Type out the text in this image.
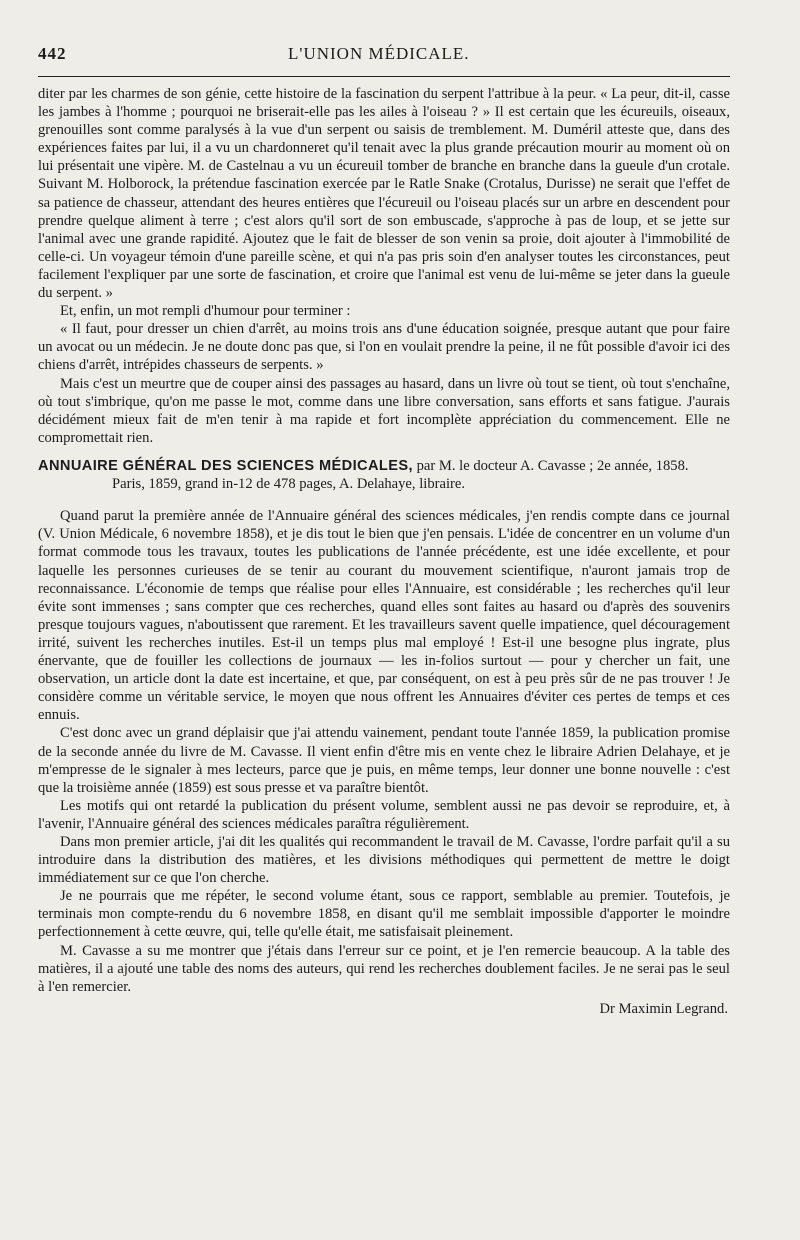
442	L'UNION MÉDICALE.

diter par les charmes de son génie, cette histoire de la fascination du serpent l'attribue à la peur. « La peur, dit-il, casse les jambes à l'homme ; pourquoi ne briserait-elle pas les ailes à l'oiseau ? » Il est certain que les écureuils, oiseaux, grenouilles sont comme paralysés à la vue d'un serpent ou saisis de tremblement. M. Duméril atteste que, dans des expériences faites par lui, il a vu un chardonneret qu'il tenait avec la plus grande précaution mourir au moment où on lui présentait une vipère. M. de Castelnau a vu un écureuil tomber de branche en branche dans la gueule d'un crotale. Suivant M. Holborock, la prétendue fascination exercée par le Ratle Snake (Crotalus, Durisse) ne serait que l'effet de sa patience de chasseur, attendant des heures entières que l'écureuil ou l'oiseau placés sur un arbre en descendent pour prendre quelque aliment à terre ; c'est alors qu'il sort de son embuscade, s'approche à pas de loup, et se jette sur l'animal avec une grande rapidité. Ajoutez que le fait de blesser de son venin sa proie, doit ajouter à l'immobilité de celle-ci. Un voyageur témoin d'une pareille scène, et qui n'a pas pris soin d'en analyser toutes les circonstances, peut facilement l'expliquer par une sorte de fascination, et croire que l'animal est venu de lui-même se jeter dans la gueule du serpent. »

Et, enfin, un mot rempli d'humour pour terminer :

« Il faut, pour dresser un chien d'arrêt, au moins trois ans d'une éducation soignée, presque autant que pour faire un avocat ou un médecin. Je ne doute donc pas que, si l'on en voulait prendre la peine, il ne fût possible d'avoir ici des chiens d'arrêt, intrépides chasseurs de serpents. »

Mais c'est un meurtre que de couper ainsi des passages au hasard, dans un livre où tout se tient, où tout s'enchaîne, où tout s'imbrique, qu'on me passe le mot, comme dans une libre conversation, sans efforts et sans fatigue. J'aurais décidément mieux fait de m'en tenir à ma rapide et fort incomplète appréciation du commencement. Elle ne compromettait rien.

ANNUAIRE GÉNÉRAL DES SCIENCES MÉDICALES, par M. le docteur A. Cavasse ; 2e année, 1858.
Paris, 1859, grand in-12 de 478 pages, A. Delahaye, libraire.

Quand parut la première année de l'Annuaire général des sciences médicales, j'en rendis compte dans ce journal (V. Union Médicale, 6 novembre 1858), et je dis tout le bien que j'en pensais. L'idée de concentrer en un volume d'un format commode tous les travaux, toutes les publications de l'année précédente, est une idée excellente, et pour laquelle les personnes curieuses de se tenir au courant du mouvement scientifique, n'auront jamais trop de reconnaissance. L'économie de temps que réalise pour elles l'Annuaire, est considérable ; les recherches qu'il leur évite sont immenses ; sans compter que ces recherches, quand elles sont faites au hasard ou d'après des souvenirs presque toujours vagues, n'aboutissent que rarement. Et les travailleurs savent quelle impatience, quel découragement irrité, suivent les recherches inutiles. Est-il un temps plus mal employé ! Est-il une besogne plus ingrate, plus énervante, que de fouiller les collections de journaux — les in-folios surtout — pour y chercher un fait, une observation, un article dont la date est incertaine, et que, par conséquent, on est à peu près sûr de ne pas trouver ! Je considère comme un véritable service, le moyen que nous offrent les Annuaires d'éviter ces pertes de temps et ces ennuis.

C'est donc avec un grand déplaisir que j'ai attendu vainement, pendant toute l'année 1859, la publication promise de la seconde année du livre de M. Cavasse. Il vient enfin d'être mis en vente chez le libraire Adrien Delahaye, et je m'empresse de le signaler à mes lecteurs, parce que je puis, en même temps, leur donner une bonne nouvelle : c'est que la troisième année (1859) est sous presse et va paraître bientôt.

Les motifs qui ont retardé la publication du présent volume, semblent aussi ne pas devoir se reproduire, et, à l'avenir, l'Annuaire général des sciences médicales paraîtra régulièrement.

Dans mon premier article, j'ai dit les qualités qui recommandent le travail de M. Cavasse, l'ordre parfait qu'il a su introduire dans la distribution des matières, et les divisions méthodiques qui permettent de mettre le doigt immédiatement sur ce que l'on cherche.

Je ne pourrais que me répéter, le second volume étant, sous ce rapport, semblable au premier. Toutefois, je terminais mon compte-rendu du 6 novembre 1858, en disant qu'il me semblait impossible d'apporter le moindre perfectionnement à cette œuvre, qui, telle qu'elle était, me satisfaisait pleinement.

M. Cavasse a su me montrer que j'étais dans l'erreur sur ce point, et je l'en remercie beaucoup. A la table des matières, il a ajouté une table des noms des auteurs, qui rend les recherches doublement faciles. Je ne serai pas le seul à l'en remercier.

Dr Maximin Legrand.
